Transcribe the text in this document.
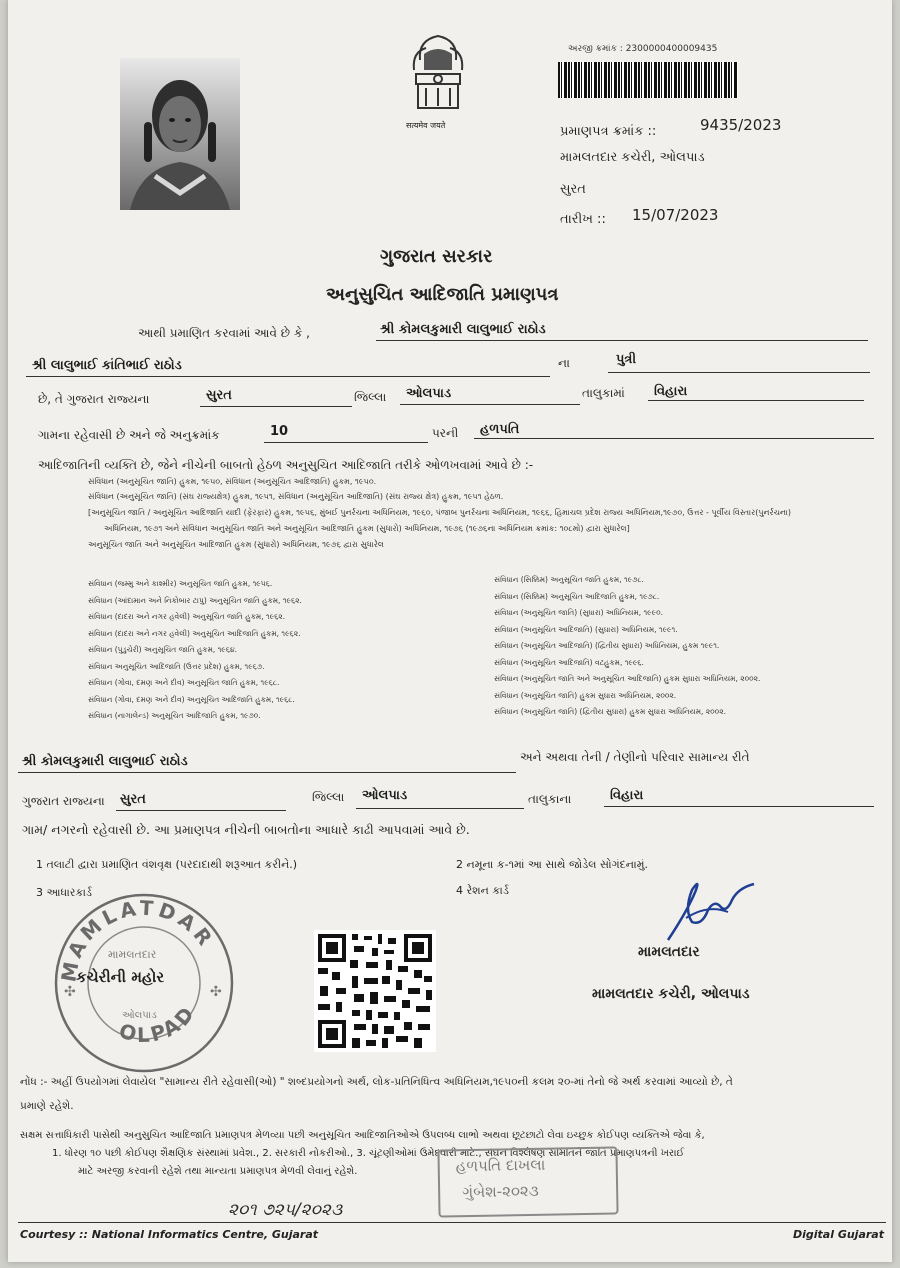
सत्यमेव जयते
અરજી ક્રમાંક : 2300000400009435
પ્રમાણપત્ર ક્રમાંક ::	9435/2023
મામલતદાર કચેરી, ઓલપાડ
સુરત
તારીખ :: 15/07/2023
ગુજરાત સરકાર
અનુસુચિત આદિજાતિ પ્રમાણપત્ર
આથી પ્રમાણિત કરવામાં આવે છે કે ,	શ્રી કોમલકુમારી લાલુભાઈ રાઠોડ
શ્રી લાલુભાઈ કાંતિભાઈ રાઠોડ	ના	પુત્રી
છે, તે ગુજરાત રાજ્યના	સુરત	જિલ્લા ઓલપાડ	તાલુકામાં વિહારા
ગામના રહેવાસી છે અને જે અનુક્રમાંક	10	પરની હળપતિ
આદિજાતિની વ્યક્તિ છે, જેને નીચેની બાબતો હેઠળ અનુસુચિત આદિજાતિ તરીકે ઓળખવામાં આવે છે :-
સંવિધાન (અનુસૂચિત જાતિ) હુકમ, ૧૯૫૦, સંવિધાન (અનુસૂચિત આદિજાતિ) હુકમ, ૧૯૫૦.
સંવિધાન (અનુસૂચિત જાતિ) (સંઘ રાજ્યક્ષેત્ર) હુકમ, ૧૯૫૧, સંવિધાન (અનુસૂચિત આદિજાતિ) (સંઘ રાજ્ય ક્ષેત્ર) હુકમ, ૧૯૫૧ હેઠળ.
[અનુસૂચિત જાતિ / અનુસૂચિત આદિજાતિ યાદી (ફેરફાર) હુકમ, ૧૯૫૬, મુંબઈ પુનર્રચના અધિનિયમ, ૧૯૬૦, પંજાબ પુનર્રચના અધિનિયમ, ૧૯૬૬, હિમાચલ પ્રદેશ રાજ્ય અધિનિયમ,૧૯૭૦, ઉત્તર - પૂર્વીય વિસ્તાર(પુનર્રચના)
અધિનિયમ, ૧૯૭૧ અને સંવિધાન અનુસૂચિત જાતિ અને અનુસૂચિત આદિજાતિ હુકમ (સુધારો) અધિનિયમ, ૧૯૭૬ (૧૯૭૬ના અધિનિયમ ક્રમાંક: ૧૦૮મો) દ્વારા સુધારેલ]
અનુસૂચિત જાતિ અને અનુસૂચિત આદિજાતિ હુકમ (સુધારો) અધિનિયમ, ૧૯૭૬ દ્વારા સુધારેલ
સંવિધાન (જમ્મુ અને કાશ્મીર) અનુસૂચિત જાતિ હુકમ, ૧૯૫૬.
સંવિધાન (આંદામાન અને નિકોબાર ટાપુ) અનુસૂચિત જાતિ હુકમ, ૧૯૬૨.
સંવિધાન (દાદરા અને નગર હવેલી) અનુસૂચિત જાતિ હુકમ, ૧૯૬૨.
સંવિધાન (દાદરા અને નગર હવેલી) અનુસૂચિત આદિજાતિ હુકમ, ૧૯૬૨.
સંવિધાન (પુડુચેરી) અનુસૂચિત જાતિ હુકમ, ૧૯૬૪.
સંવિધાન અનુસૂચિત આદિજાતિ (ઉત્તર પ્રદેશ) હુકમ, ૧૯૬૭.
સંવિધાન (ગોવા, દમણ અને દીવ) અનુસૂચિત જાતિ હુકમ, ૧૯૬૮.
સંવિધાન (ગોવા, દમણ અને દીવ) અનુસૂચિત આદિજાતિ હુકમ, ૧૯૬૮.
સંવિધાન (નાગાલેન્ડ) અનુસૂચિત આદિજાતિ હુકમ, ૧૯૭૦.
સંવિધાન (સિક્કિમ) અનુસૂચિત જાતિ હુકમ, ૧૯૭૮.
સંવિધાન (સિક્કિમ) અનુસૂચિત આદિજાતિ હુકમ, ૧૯૭૮.
સંવિધાન (અનુસૂચિત જાતિ) (સુધારા) અધિનિયમ, ૧૯૯૦.
સંવિધાન (અનુસૂચિત આદિજાતિ) (સુધારા) અધિનિયમ, ૧૯૯૧.
સંવિધાન (અનુસૂચિત આદિજાતિ) (દ્વિતીય સુધારા) અધિનિયમ, હુકમ ૧૯૯૧.
સંવિધાન (અનુસૂચિત આદિજાતિ) વટહુકમ, ૧૯૯૬.
સંવિધાન (અનુસૂચિત જાતિ અને અનુસૂચિત આદિજાતિ) હુકમ સુધારા અધિનિયમ, ૨૦૦૨.
સંવિધાન (અનુસૂચિત જાતિ) હુકમ સુધારા અધિનિયમ, ૨૦૦૨.
સંવિધાન (અનુસૂચિત જાતિ) (દ્વિતીય સુધારા) હુકમ સુધારા અધિનિયમ, ૨૦૦૨.
શ્રી કોમલકુમારી લાલુભાઈ રાઠોડ	અને અથવા તેની / તેણીનો પરિવાર સામાન્ય રીતે
ગુજરાત રાજ્યના સુરત	જિલ્લા ઓલપાડ	તાલુકાના	વિહારા
ગામ/ નગરનો રહેવાસી છે. આ પ્રમાણપત્ર નીચેની બાબતોના આધારે કાઢી આપવામાં આવે છે.
1 તલાટી દ્વારા પ્રમાણિત વંશવૃક્ષ (પરદાદાથી શરૂઆત કરીને.)	2 નમૂના ક-૧માં આ સાથે જોડેલ સોગંદનામું.
3 આધારકાર્ડ	4 રેશન કાર્ડ
MAMLATDAR
OLPAD
મામલતદાર
ઓલપાડ
✣	✣
કચેરીની મહોર
મામલતદાર
મામલતદાર કચેરી, ઓલપાડ
નોંધ :- અહીં ઉપયોગમાં લેવાયેલ "સામાન્ય રીતે રહેવાસી(ઓ) " શબ્દપ્રયોગનો અર્થ, લોક-પ્રતિનિધિત્વ અધિનિયમ,૧૯૫૦ની કલમ ૨૦-માં તેનો જે અર્થ કરવામાં આવ્યો છે, તે
પ્રમાણે રહેશે.
સક્ષમ સત્તાધિકારી પાસેથી અનુસુચિત આદિજાતિ પ્રમાણપત્ર મેળવ્યા પછી અનુસૂચિત આદિજાતિઓએ ઉપલબ્ધ લાભો અથવા છૂટછાટો લેવા ઇચ્છુક કોઈપણ વ્યક્તિએ જેવા કે,
1. ધોરણ ૧૦ પછી કોઈપણ શૈક્ષણિક સંસ્થામાં પ્રવેશ., 2. સરકારી નોકરીઓ., 3. ચૂંટણીઓમાં ઉમેદવારી માટે., સંઘન વિશ્લેષણ સમિતિને જાતિ પ્રમાણપત્રની ખરાઈ
માટે અરજી કરવાની રહેશે તથા માન્યતા પ્રમાણપત્ર મેળવી લેવાનું રહેશે.	હળપતિ દાખલા
ગુંબેશ-૨૦૨૩
૨૦૧ ૭૨૫/૨૦૨૩
Courtesy :: National Informatics Centre, Gujarat	Digital Gujarat
